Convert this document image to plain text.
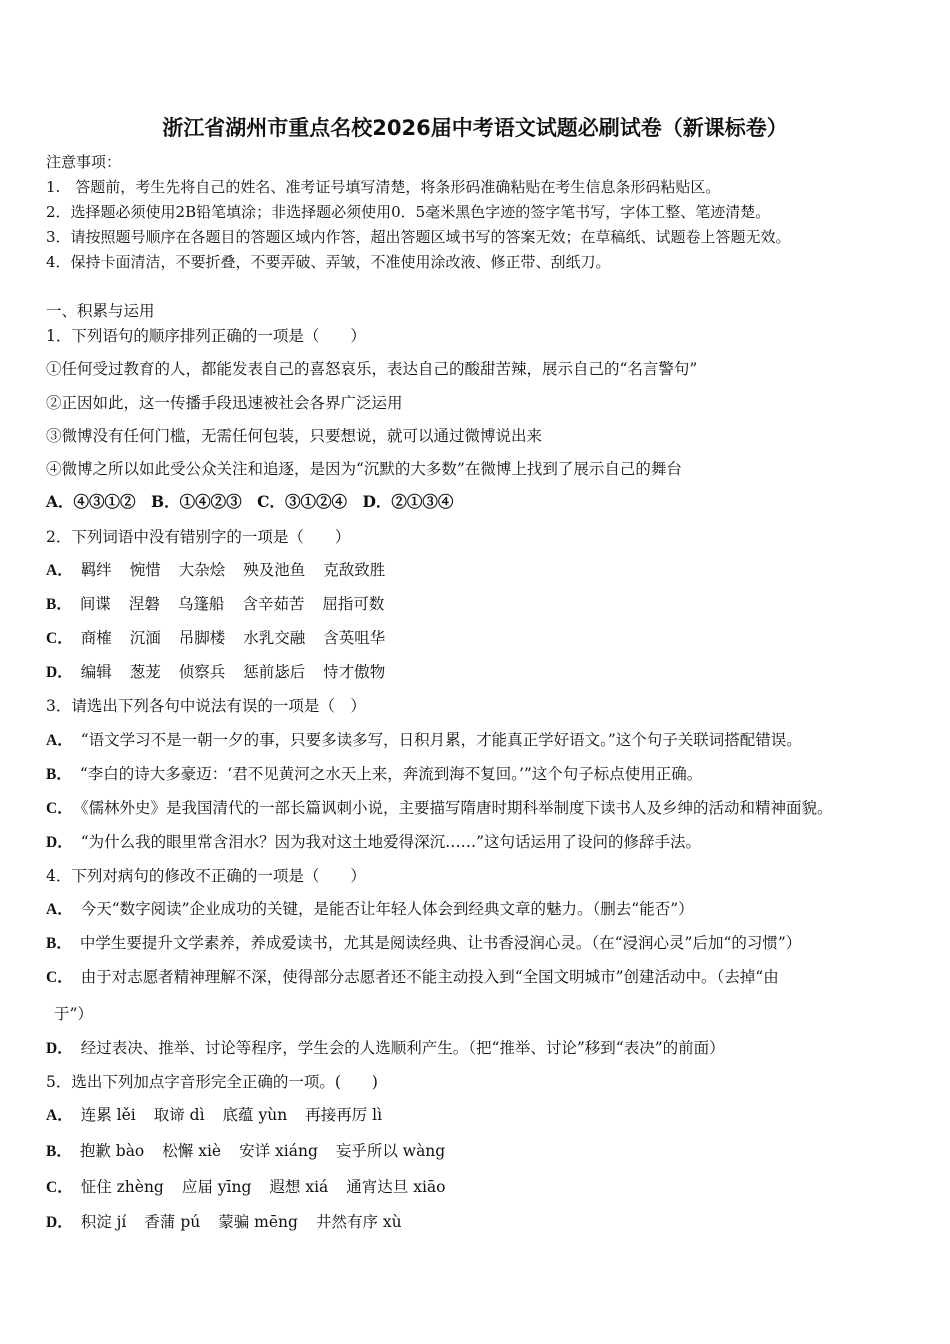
浙江省湖州市重点名校2026届中考语文试题必刷试卷（新课标卷）
注意事项：
1.　答题前，考生先将自己的姓名、准考证号填写清楚，将条形码准确粘贴在考生信息条形码粘贴区。
2．选择题必须使用2B铅笔填涂；非选择题必须使用0．5毫米黑色字迹的签字笔书写，字体工整、笔迹清楚。
3．请按照题号顺序在各题目的答题区域内作答，超出答题区域书写的答案无效；在草稿纸、试题卷上答题无效。
4．保持卡面清洁，不要折叠，不要弄破、弄皱，不准使用涂改液、修正带、刮纸刀。
一、积累与运用
1．下列语句的顺序排列正确的一项是（　　）
①任何受过教育的人，都能发表自己的喜怒哀乐，表达自己的酸甜苦辣，展示自己的“名言警句”
②正因如此，这一传播手段迅速被社会各界广泛运用
③微博没有任何门槛，无需任何包装，只要想说，就可以通过微博说出来
④微博之所以如此受公众关注和追逐，是因为“沉默的大多数”在微博上找到了展示自己的舞台
A．④③①②　B．①④②③　C．③①②④　D．②①③④
2．下列词语中没有错别字的一项是（　　）
A． 羁绊 惋惜 大杂烩 殃及池鱼 克敌致胜
B． 间谍 涅磐 乌篷船 含辛茹苦 屈指可数
C． 商榷 沉湎 吊脚楼 水乳交融 含英咀华
D． 编辑 葱茏 侦察兵 惩前毖后 恃才傲物
3．请选出下列各句中说法有误的一项是（　）
A． “语文学习不是一朝一夕的事，只要多读多写，日积月累，才能真正学好语文。”这个句子关联词搭配错误。
B． “李白的诗大多豪迈：‘君不见黄河之水天上来，奔流到海不复回。’”这个句子标点使用正确。
C． 《儒林外史》是我国清代的一部长篇讽刺小说，主要描写隋唐时期科举制度下读书人及乡绅的活动和精神面貌。
D． “为什么我的眼里常含泪水？因为我对这土地爱得深沉……”这句话运用了设问的修辞手法。
4．下列对病句的修改不正确的一项是（　　）
A． 今天“数字阅读”企业成功的关键，是能否让年轻人体会到经典文章的魅力。（删去“能否”）
B． 中学生要提升文学素养，养成爱读书，尤其是阅读经典、让书香浸润心灵。（在“浸润心灵”后加“的习惯”）
C． 由于对志愿者精神理解不深，使得部分志愿者还不能主动投入到“全国文明城市”创建活动中。（去掉“由
于”）
D． 经过表决、推举、讨论等程序，学生会的人选顺利产生。（把“推举、讨论”移到“表决”的前面）
5．选出下列加点字音形完全正确的一项。(　　)
A． 连累 lěi 取谛 dì 底蕴 yùn 再接再厉 lì
B． 抱歉 bào 松懈 xiè 安详 xiáng 妄乎所以 wàng
C． 怔住 zhèng 应届 yīng 遐想 xiá 通宵达旦 xiāo
D． 积淀 jí 香蒲 pú 蒙骗 mēng 井然有序 xù
